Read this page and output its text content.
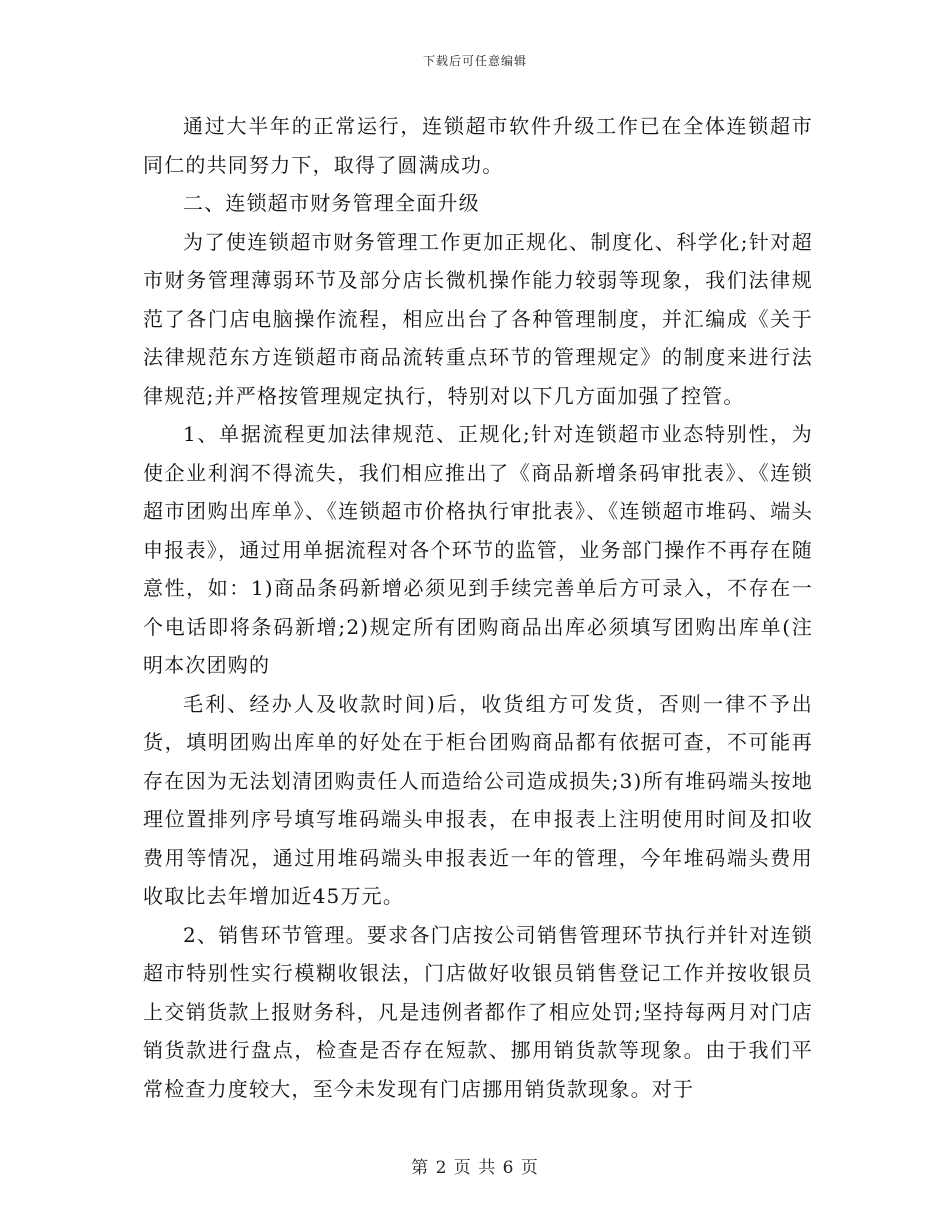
下载后可任意编辑

通过大半年的正常运行，连锁超市软件升级工作已在全体连锁超市同仁的共同努力下，取得了圆满成功。

二、连锁超市财务管理全面升级

为了使连锁超市财务管理工作更加正规化、制度化、科学化;针对超市财务管理薄弱环节及部分店长微机操作能力较弱等现象，我们法律规范了各门店电脑操作流程，相应出台了各种管理制度，并汇编成《关于法律规范东方连锁超市商品流转重点环节的管理规定》的制度来进行法律规范;并严格按管理规定执行，特别对以下几方面加强了控管。

1、单据流程更加法律规范、正规化;针对连锁超市业态特别性，为使企业利润不得流失，我们相应推出了《商品新增条码审批表》、《连锁超市团购出库单》、《连锁超市价格执行审批表》、《连锁超市堆码、端头申报表》，通过用单据流程对各个环节的监管，业务部门操作不再存在随意性，如：1)商品条码新增必须见到手续完善单后方可录入，不存在一个电话即将条码新增;2)规定所有团购商品出库必须填写团购出库单(注明本次团购的

毛利、经办人及收款时间)后，收货组方可发货，否则一律不予出货，填明团购出库单的好处在于柜台团购商品都有依据可查，不可能再存在因为无法划清团购责任人而造给公司造成损失;3)所有堆码端头按地理位置排列序号填写堆码端头申报表，在申报表上注明使用时间及扣收费用等情况，通过用堆码端头申报表近一年的管理，今年堆码端头费用收取比去年增加近45万元。

2、销售环节管理。要求各门店按公司销售管理环节执行并针对连锁超市特别性实行模糊收银法，门店做好收银员销售登记工作并按收银员上交销货款上报财务科，凡是违例者都作了相应处罚;坚持每两月对门店销货款进行盘点，检查是否存在短款、挪用销货款等现象。由于我们平常检查力度较大，至今未发现有门店挪用销货款现象。对于

第 2 页 共 6 页
